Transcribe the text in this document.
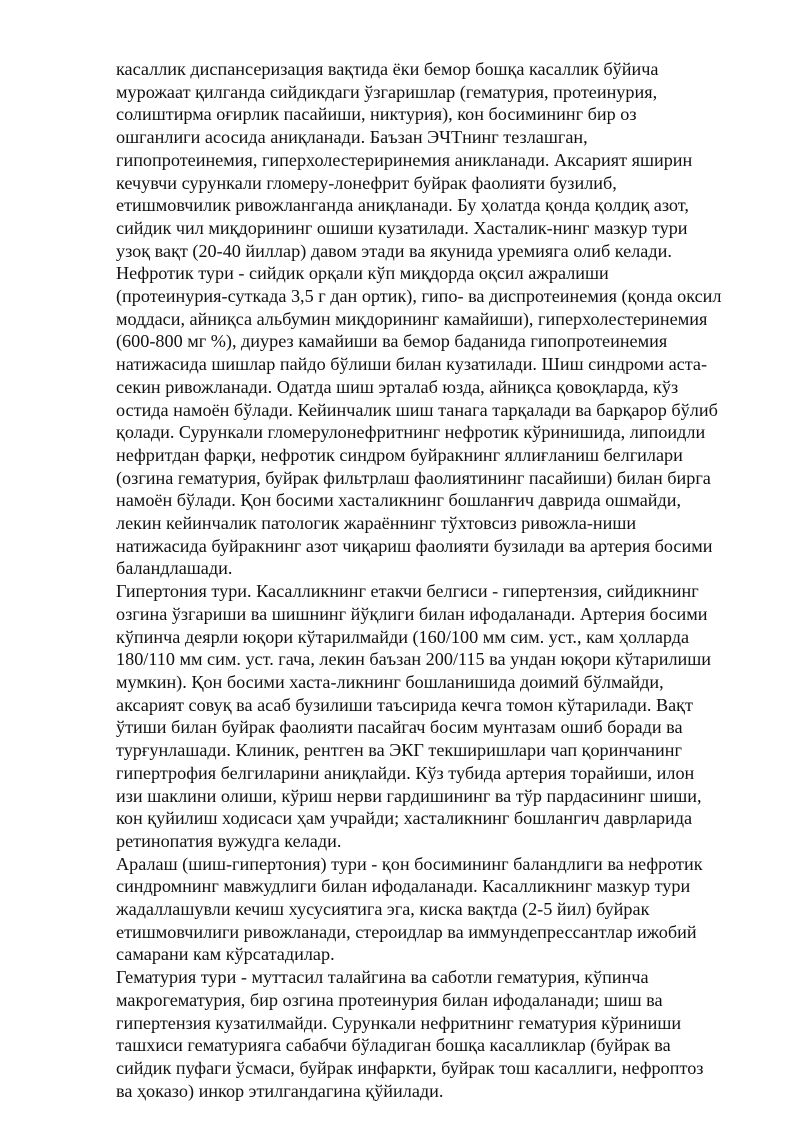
касаллик диспансеризация вақтида ёки бемор бошқа касаллик бўйича
мурожаат қилганда сийдикдаги ўзгаришлар (гематурия, протеинурия,
солиштирма оғирлик пасайиши, никтурия), кон босимининг бир оз
ошганлиги асосида аниқланади. Баъзан ЭЧТнинг тезлашган,
гипопротеинемия, гиперхолестериринемия аникланади. Аксарият яширин
кечувчи сурункали гломеру-лонефрит буйрак фаолияти бузилиб,
етишмовчилик ривожланганда аниқланади. Бу ҳолатда қонда қолдиқ азот,
сийдик чил миқдорининг ошиши кузатилади. Хасталик-нинг мазкур тури
узоқ вақт (20-40 йиллар) давом этади ва якунида уремияга олиб келади.

Нефротик тури - сийдик орқали кўп миқдорда оқсил ажралиши
(протеинурия-суткада 3,5 г дан ортик), гипо- ва диспротеинемия (қонда оксил
моддаси, айниқса альбумин миқдорининг камайиши), гиперхолестеринемия
(600-800 мг %), диурез камайиши ва бемор баданида гипопротеинемия
натижасида шишлар пайдо бўлиши билан кузатилади. Шиш синдроми аста-
секин ривожланади. Одатда шиш эрталаб юзда, айниқса қовоқларда, кўз
остида намоён бўлади. Кейинчалик шиш танага тарқалади ва барқарор бўлиб
қолади. Сурункали гломерулонефритнинг нефротик кўринишида, липоидли
нефритдан фарқи, нефротик синдром буйракнинг яллиғланиш белгилари
(озгина гематурия, буйрак фильтрлаш фаолиятининг пасайиши) билан бирга
намоён бўлади. Қон босими хасталикнинг бошланғич даврида ошмайди,
лекин кейинчалик патологик жараённинг тўхтовсиз ривожла-ниши
натижасида буйракнинг азот чиқариш фаолияти бузилади ва артерия босими
баландлашади.

Гипертония тури. Касалликнинг етакчи белгиси - гипертензия, сийдикнинг
озгина ўзгариши ва шишнинг йўқлиги билан ифодаланади. Артерия босими
кўпинча деярли юқори кўтарилмайди (160/100 мм сим. уст., кам ҳолларда
180/110 мм сим. уст. гача, лекин баъзан 200/115 ва ундан юқори кўтарилиши
мумкин). Қон босими хаста-ликнинг бошланишида доимий бўлмайди,
аксарият совуқ ва асаб бузилиши таъсирида кечга томон кўтарилади. Вақт
ўтиши билан буйрак фаолияти пасайгач босим мунтазам ошиб боради ва
турғунлашади. Клиник, рентген ва ЭКГ текширишлари чап қоринчанинг
гипертрофия белгиларини аниқлайди. Кўз тубида артерия торайиши, илон
изи шаклини олиши, кўриш нерви гардишининг ва тўр пардасининг шиши,
кон қуйилиш ходисаси ҳам учрайди; хасталикнинг бошлангич даврларида
ретинопатия вужудга келади.

Аралаш (шиш-гипертония) тури - қон босимининг баландлиги ва нефротик
синдромнинг мавжудлиги билан ифодаланади. Касалликнинг мазкур тури
жадаллашувли кечиш хусусиятига эга, киска вақтда (2-5 йил) буйрак
етишмовчилиги ривожланади, стероидлар ва иммундепрессантлар ижобий
самарани кам кўрсатадилар.

Гематурия тури - муттасил талайгина ва саботли гематурия, кўпинча
макрогематурия, бир озгина протеинурия билан ифодаланади; шиш ва
гипертензия кузатилмайди. Сурункали нефритнинг гематурия кўриниши
ташхиси гематурияга сабабчи бўладиган бошқа касалликлар (буйрак ва
сийдик пуфаги ўсмаси, буйрак инфаркти, буйрак тош касаллиги, нефроптоз
ва ҳоказо) инкор этилгандагина қўйилади.
